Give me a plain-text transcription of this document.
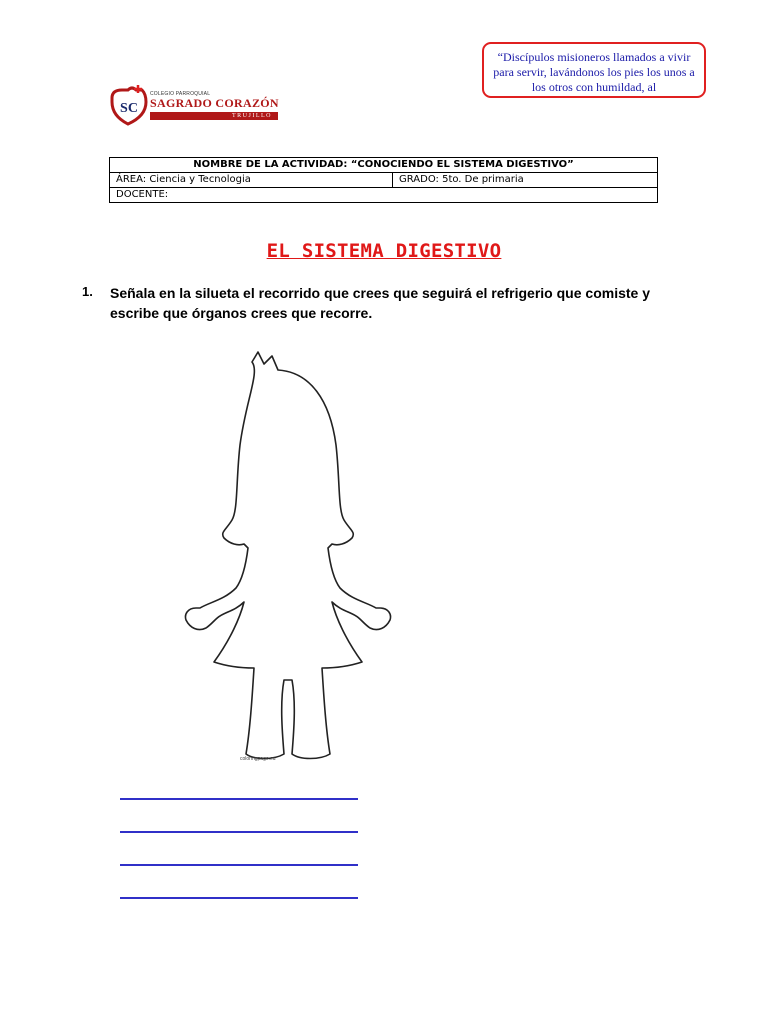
“Discípulos misioneros llamados a vivir para servir, lavándonos los pies los unos a los otros con humildad, al
SC
COLEGIO PARROQUIAL
SAGRADO CORAZÓN
TRUJILLO
NOMBRE DE LA ACTIVIDAD: “CONOCIENDO EL SISTEMA DIGESTIVO”
ÁREA: Ciencia y Tecnologia	GRADO: 5to. De primaria
DOCENTE:
EL SISTEMA DIGESTIVO
1. Señala en la silueta el recorrido que crees que seguirá el refrigerio que comiste y escribe que órganos crees que recorre.
coloringpage.eu
